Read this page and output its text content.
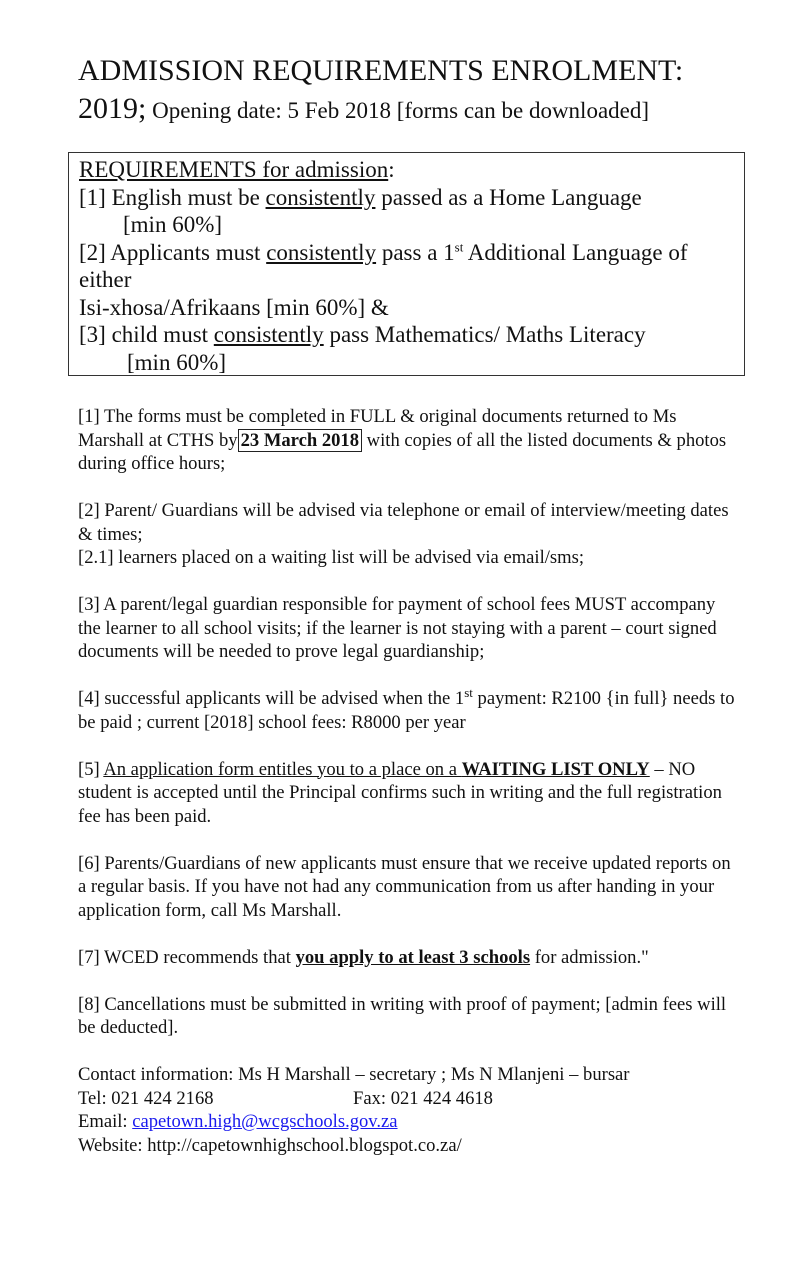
ADMISSION REQUIREMENTS ENROLMENT:
2019; Opening date: 5 Feb 2018 [forms can be downloaded]
REQUIREMENTS for admission:
[1] English must be consistently passed as a Home Language
[min 60%]
[2] Applicants must consistently pass a 1st Additional Language of either
Isi-xhosa/Afrikaans [min 60%] &
[3] child must consistently pass Mathematics/ Maths Literacy
[min 60%]

[1] The forms must be completed in FULL & original documents returned to Ms Marshall at CTHS by 23 March 2018 with copies of all the listed documents & photos during office hours;

[2] Parent/ Guardians will be advised via telephone or email of interview/meeting dates & times;

[2.1] learners placed on a waiting list will be advised via email/sms;

[3] A parent/legal guardian responsible for payment of school fees MUST accompany the learner to all school visits; if the learner is not staying with a parent – court signed documents will be needed to prove legal guardianship;

[4] successful applicants will be advised when the 1st payment: R2100 {in full} needs to be paid ; current [2018] school fees: R8000 per year

[5] An application form entitles you to a place on a WAITING LIST ONLY – NO student is accepted until the Principal confirms such in writing and the full registration fee has been paid.

[6] Parents/Guardians of new applicants must ensure that we receive updated reports on a regular basis. If you have not had any communication from us after handing in your application form, call Ms Marshall.

[7] WCED recommends that you apply to at least 3 schools for admission."

[8] Cancellations must be submitted in writing with proof of payment; [admin fees will be deducted].

Contact information: Ms H Marshall – secretary ; Ms N Mlanjeni – bursar
Tel: 021 424 2168	Fax: 021 424 4618
Email: capetown.high@wcgschools.gov.za
Website: http://capetownhighschool.blogspot.co.za/
